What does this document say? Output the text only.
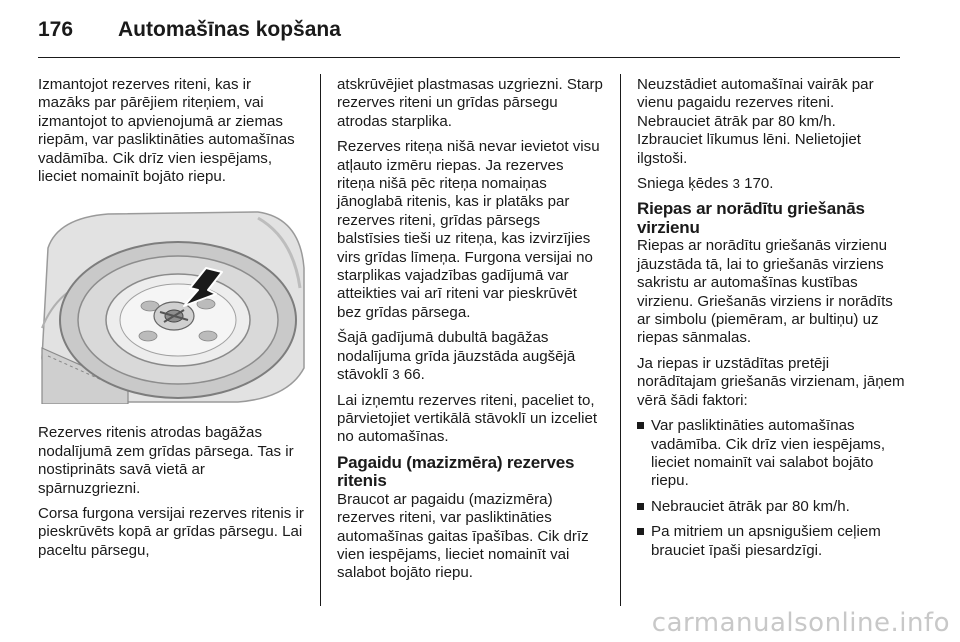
176 Automašīnas kopšana

Izmantojot rezerves riteni, kas ir mazāks par pārējiem riteņiem, vai izmantojot to apvienojumā ar ziemas riepām, var pasliktināties automašīnas vadāmība. Cik drīz vien iespējams, lieciet nomainīt bojāto riepu.

Rezerves ritenis atrodas bagāžas nodalījumā zem grīdas pārsega. Tas ir nostiprināts savā vietā ar spārnuzgriezni.

Corsa furgona versijai rezerves ritenis ir pieskrūvēts kopā ar grīdas pārsegu. Lai paceltu pārsegu,

atskrūvējiet plastmasas uzgriezni. Starp rezerves riteni un grīdas pārsegu atrodas starplika.

Rezerves riteņa nišā nevar ievietot visu atļauto izmēru riepas. Ja rezerves riteņa nišā pēc riteņa nomaiņas jānoglabā ritenis, kas ir platāks par rezerves riteni, grīdas pārsegs balstīsies tieši uz riteņa, kas izvirzījies virs grīdas līmeņa. Furgona versijai no starplikas vajadzības gadījumā var atteikties vai arī riteni var pieskrūvēt bez grīdas pārsega.

Šajā gadījumā dubultā bagāžas nodalījuma grīda jāuzstāda augšējā stāvoklī 3 66.

Lai izņemtu rezerves riteni, paceliet to, pārvietojiet vertikālā stāvoklī un izceliet no automašīnas.

Pagaidu (mazizmēra) rezerves ritenis

Braucot ar pagaidu (mazizmēra) rezerves riteni, var pasliktināties automašīnas gaitas īpašības. Cik drīz vien iespējams, lieciet nomainīt vai salabot bojāto riepu.

Neuzstādiet automašīnai vairāk par vienu pagaidu rezerves riteni. Nebrauciet ātrāk par 80 km/h. Izbrauciet līkumus lēni. Nelietojiet ilgstoši.

Sniega ķēdes 3 170.

Riepas ar norādītu griešanās virzienu

Riepas ar norādītu griešanās virzienu jāuzstāda tā, lai to griešanās virziens sakristu ar automašīnas kustības virzienu. Griešanās virziens ir norādīts ar simbolu (piemēram, ar bultiņu) uz riepas sānmalas.

Ja riepas ir uzstādītas pretēji norādītajam griešanās virzienam, jāņem vērā šādi faktori:

Var pasliktināties automašīnas vadāmība. Cik drīz vien iespējams, lieciet nomainīt vai salabot bojāto riepu.
Nebrauciet ātrāk par 80 km/h.
Pa mitriem un apsnigušiem ceļiem brauciet īpaši piesardzīgi.
carmanualsonline.info
